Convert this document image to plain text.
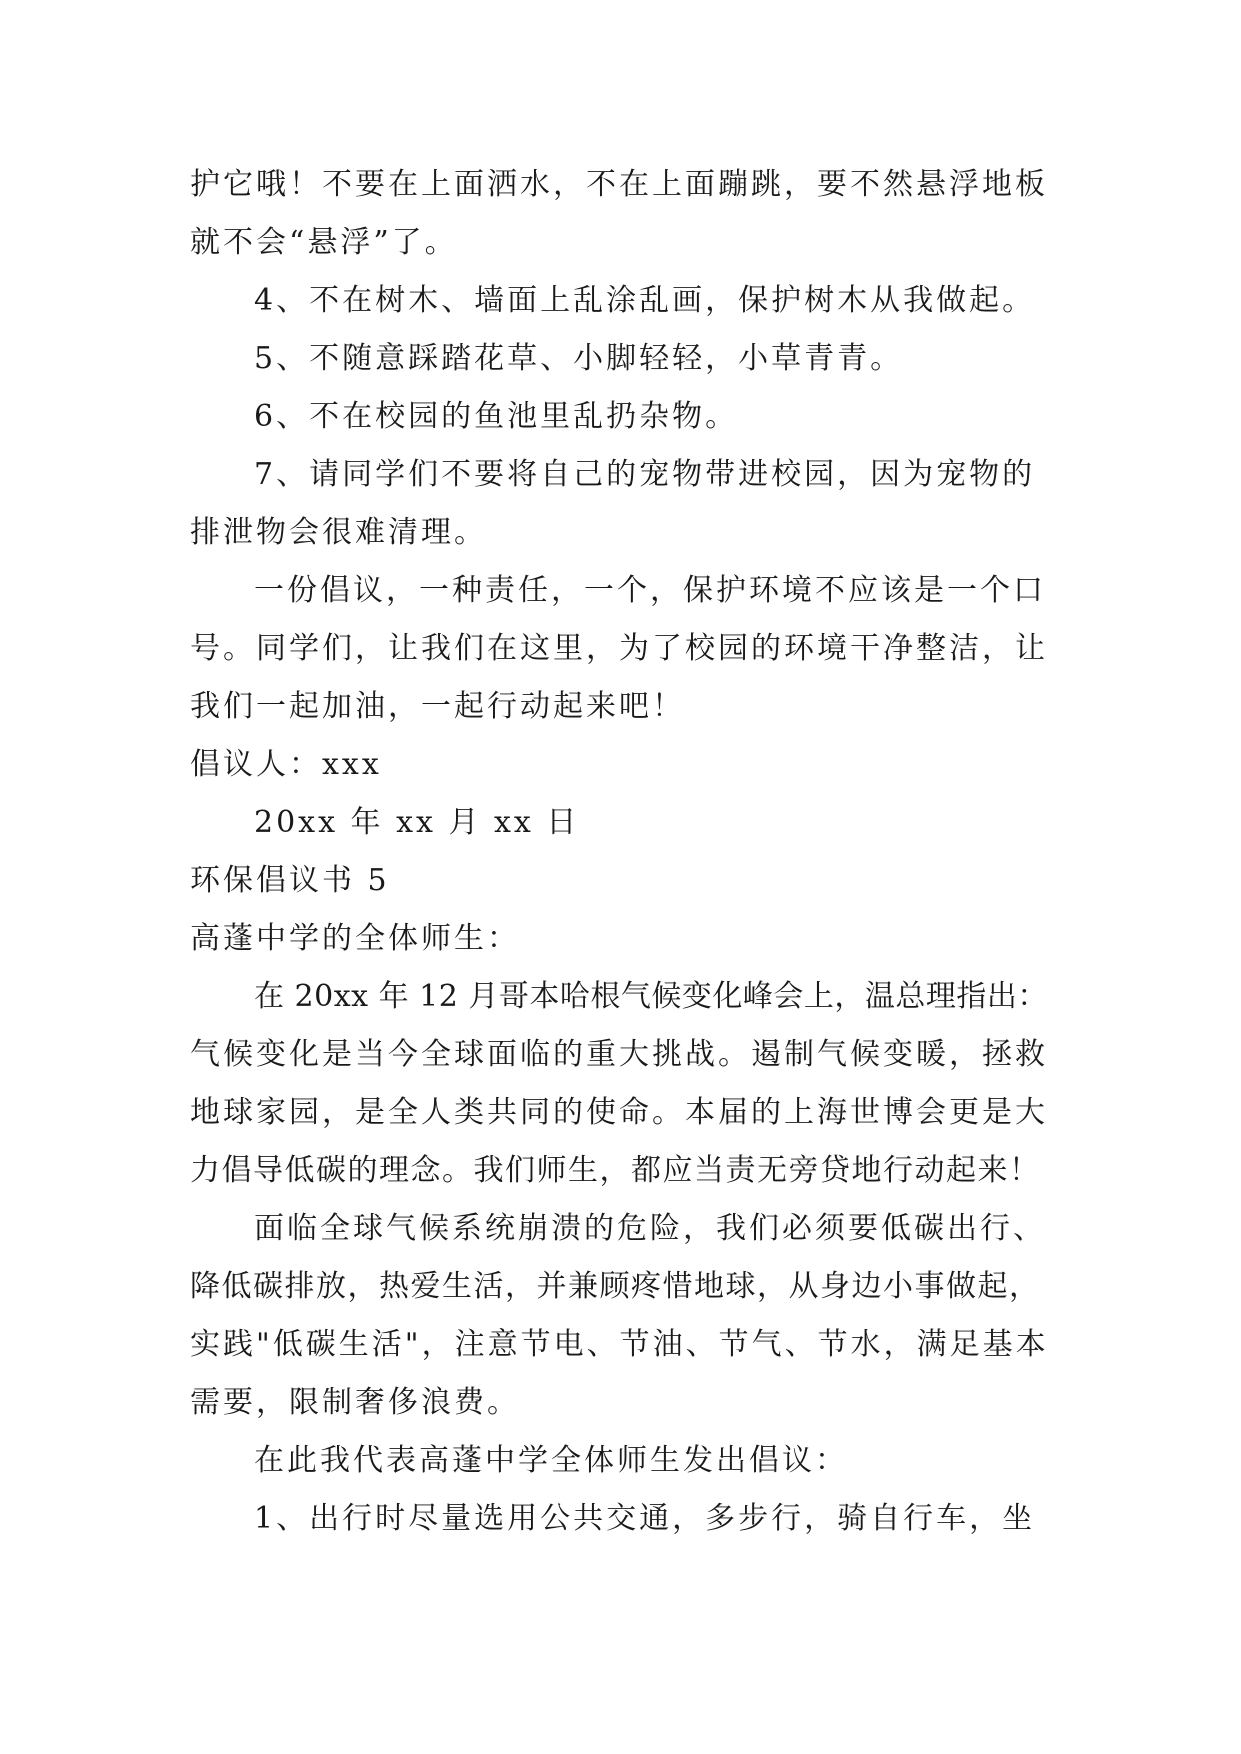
护它哦！不要在上面洒水，不在上面蹦跳，要不然悬浮地板
就不会“悬浮”了。
4、不在树木、墙面上乱涂乱画，保护树木从我做起。
5、不随意踩踏花草、小脚轻轻，小草青青。
6、不在校园的鱼池里乱扔杂物。
7、请同学们不要将自己的宠物带进校园，因为宠物的
排泄物会很难清理。
一份倡议，一种责任，一个，保护环境不应该是一个口
号。同学们，让我们在这里，为了校园的环境干净整洁，让
我们一起加油，一起行动起来吧！
倡议人：xxx
20xx 年 xx 月 xx 日
环保倡议书 5
高蓬中学的全体师生：
在 20xx 年 12 月哥本哈根气候变化峰会上，温总理指出：
气候变化是当今全球面临的重大挑战。遏制气候变暖，拯救
地球家园，是全人类共同的使命。本届的上海世博会更是大
力倡导低碳的理念。我们师生，都应当责无旁贷地行动起来！
面临全球气候系统崩溃的危险，我们必须要低碳出行、
降低碳排放，热爱生活，并兼顾疼惜地球，从身边小事做起，
实践"低碳生活"，注意节电、节油、节气、节水，满足基本
需要，限制奢侈浪费。
在此我代表高蓬中学全体师生发出倡议：
1、出行时尽量选用公共交通，多步行，骑自行车，坐
